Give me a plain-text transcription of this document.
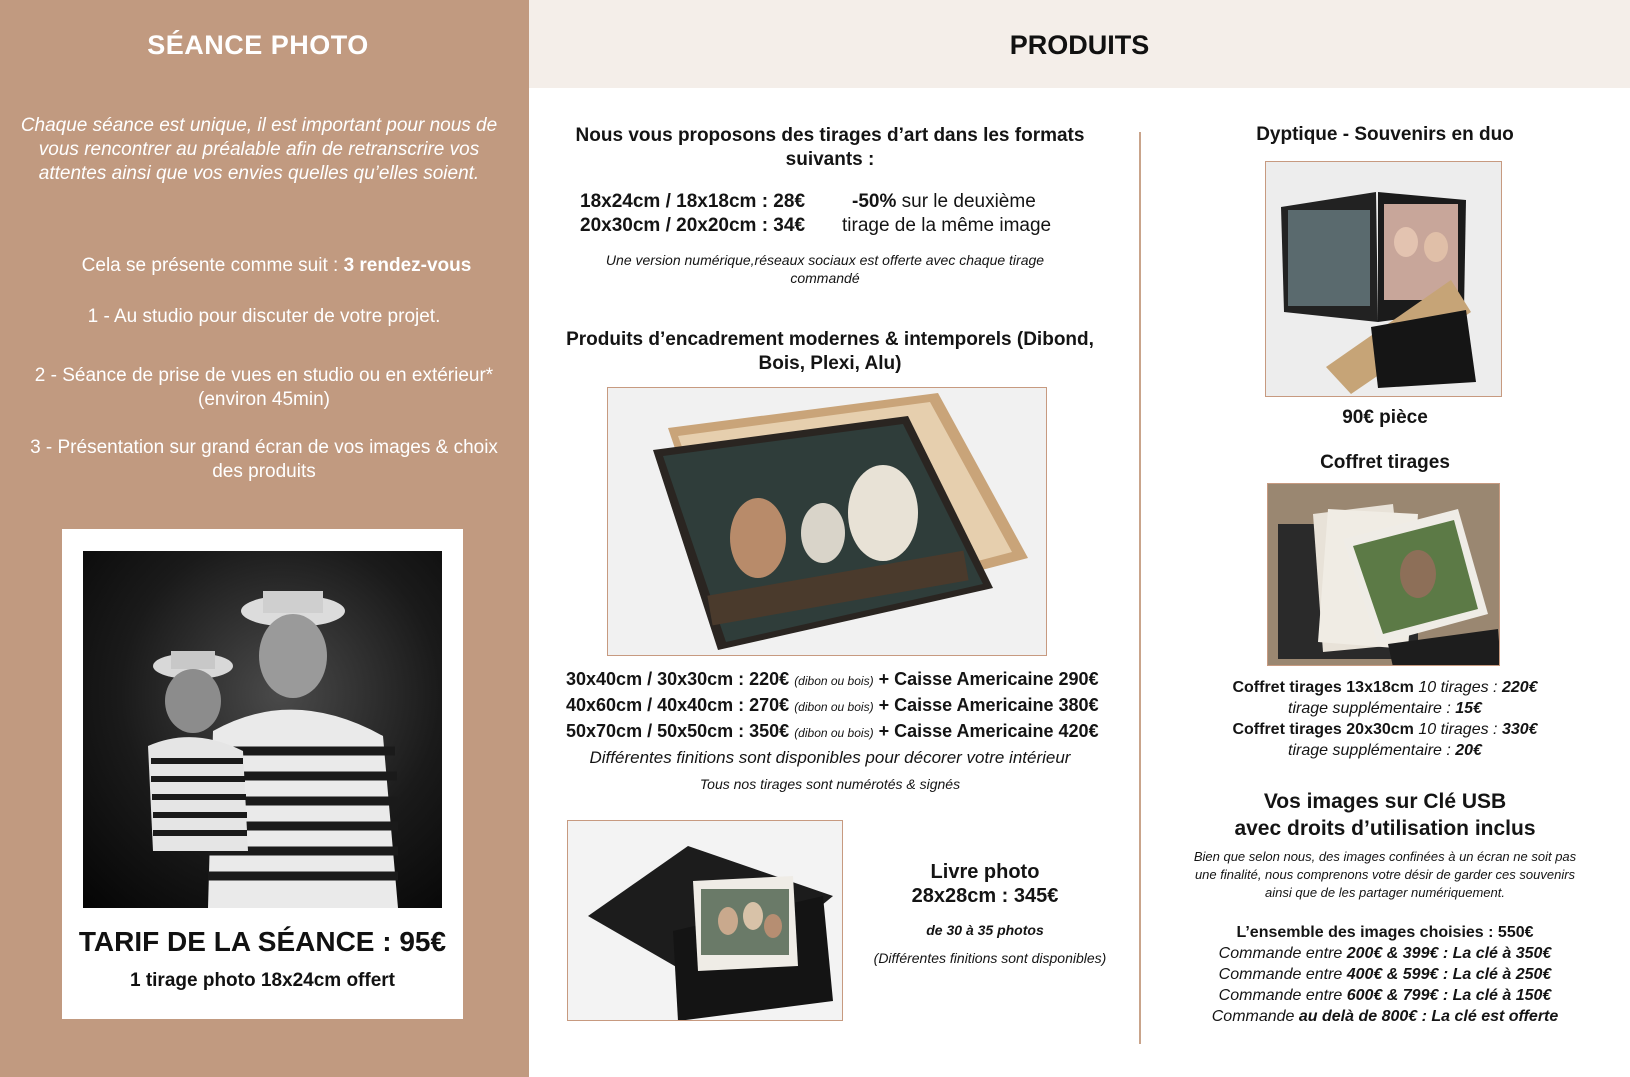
SÉANCE PHOTO

Chaque séance est unique, il est important pour nous de vous rencontrer au préalable afin de retranscrire vos attentes ainsi que vos envies quelles qu’elles soient.

Cela se présente comme suit : 3 rendez-vous

1 - Au studio pour discuter de votre projet.

2 - Séance de prise de vues en studio ou en extérieur* (environ 45min)

3 - Présentation sur grand écran de vos images & choix des produits

TARIF DE LA SÉANCE : 95€
1 tirage photo 18x24cm offert
PRODUITS

Nous vous proposons des tirages d’art dans les formats suivants :

18x24cm / 18x18cm : 28€
20x30cm / 20x20cm : 34€
-50% sur le deuxième
tirage de la même image

Une version numérique,réseaux sociaux est offerte avec chaque tirage commandé

Produits d’encadrement modernes & intemporels (Dibond, Bois, Plexi, Alu)

30x40cm / 30x30cm : 220€ (dibon ou bois) + Caisse Americaine 290€
40x60cm / 40x40cm : 270€ (dibon ou bois) + Caisse Americaine 380€
50x70cm / 50x50cm : 350€ (dibon ou bois) + Caisse Americaine 420€

Différentes finitions sont disponibles pour décorer votre intérieur

Tous nos tirages sont numérotés & signés

Livre photo
28x28cm : 345€

de 30 à 35 photos

(Différentes finitions sont disponibles)

Dyptique - Souvenirs en duo

90€ pièce

Coffret tirages

Coffret tirages 13x18cm 10 tirages : 220€
tirage supplémentaire : 15€
Coffret tirages 20x30cm 10 tirages : 330€
tirage supplémentaire : 20€
Vos images sur Clé USB
avec droits d’utilisation inclus

Bien que selon nous, des images confinées à un écran ne soit pas une finalité, nous comprenons votre désir de garder ces souvenirs ainsi que de les partager numériquement.

L’ensemble des images choisies : 550€
Commande entre 200€ & 399€ : La clé à 350€
Commande entre 400€ & 599€ : La clé à 250€
Commande entre 600€ & 799€ : La clé à 150€
Commande au delà de 800€ : La clé est offerte
